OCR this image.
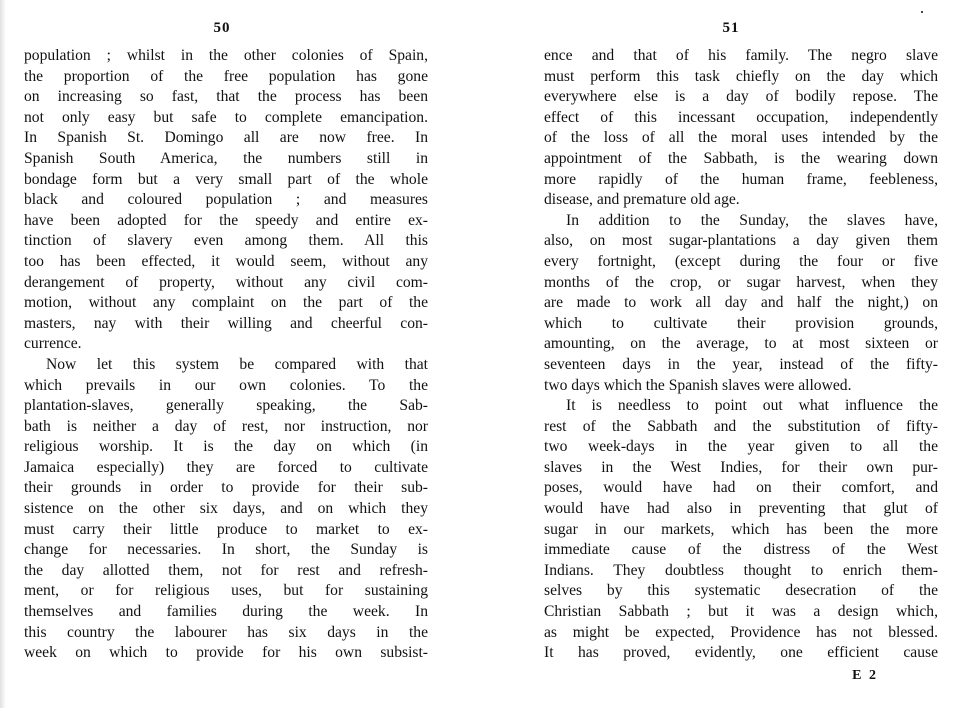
50
population ; whilst in the other colonies of Spain,
the proportion of the free population has gone
on increasing so fast, that the process has been
not only easy but safe to complete emancipation.
In Spanish St. Domingo all are now free. In
Spanish South America, the numbers still in
bondage form but a very small part of the whole
black and coloured population ; and measures
have been adopted for the speedy and entire ex-
tinction of slavery even among them. All this
too has been effected, it would seem, without any
derangement of property, without any civil com-
motion, without any complaint on the part of the
masters, nay with their willing and cheerful con-
currence.
Now let this system be compared with that
which prevails in our own colonies. To the
plantation-slaves, generally speaking, the Sab-
bath is neither a day of rest, nor instruction, nor
religious worship. It is the day on which (in
Jamaica especially) they are forced to cultivate
their grounds in order to provide for their sub-
sistence on the other six days, and on which they
must carry their little produce to market to ex-
change for necessaries. In short, the Sunday is
the day allotted them, not for rest and refresh-
ment, or for religious uses, but for sustaining
themselves and families during the week. In
this country the labourer has six days in the
week on which to provide for his own subsist-
51
ence and that of his family. The negro slave
must perform this task chiefly on the day which
everywhere else is a day of bodily repose. The
effect of this incessant occupation, independently
of the loss of all the moral uses intended by the
appointment of the Sabbath, is the wearing down
more rapidly of the human frame, feebleness,
disease, and premature old age.
In addition to the Sunday, the slaves have,
also, on most sugar-plantations a day given them
every fortnight, (except during the four or five
months of the crop, or sugar harvest, when they
are made to work all day and half the night,) on
which to cultivate their provision grounds,
amounting, on the average, to at most sixteen or
seventeen days in the year, instead of the fifty-
two days which the Spanish slaves were allowed.
It is needless to point out what influence the
rest of the Sabbath and the substitution of fifty-
two week-days in the year given to all the
slaves in the West Indies, for their own pur-
poses, would have had on their comfort, and
would have had also in preventing that glut of
sugar in our markets, which has been the more
immediate cause of the distress of the West
Indians. They doubtless thought to enrich them-
selves by this systematic desecration of the
Christian Sabbath ; but it was a design which,
as might be expected, Providence has not blessed.
It has proved, evidently, one efficient cause
E 2
